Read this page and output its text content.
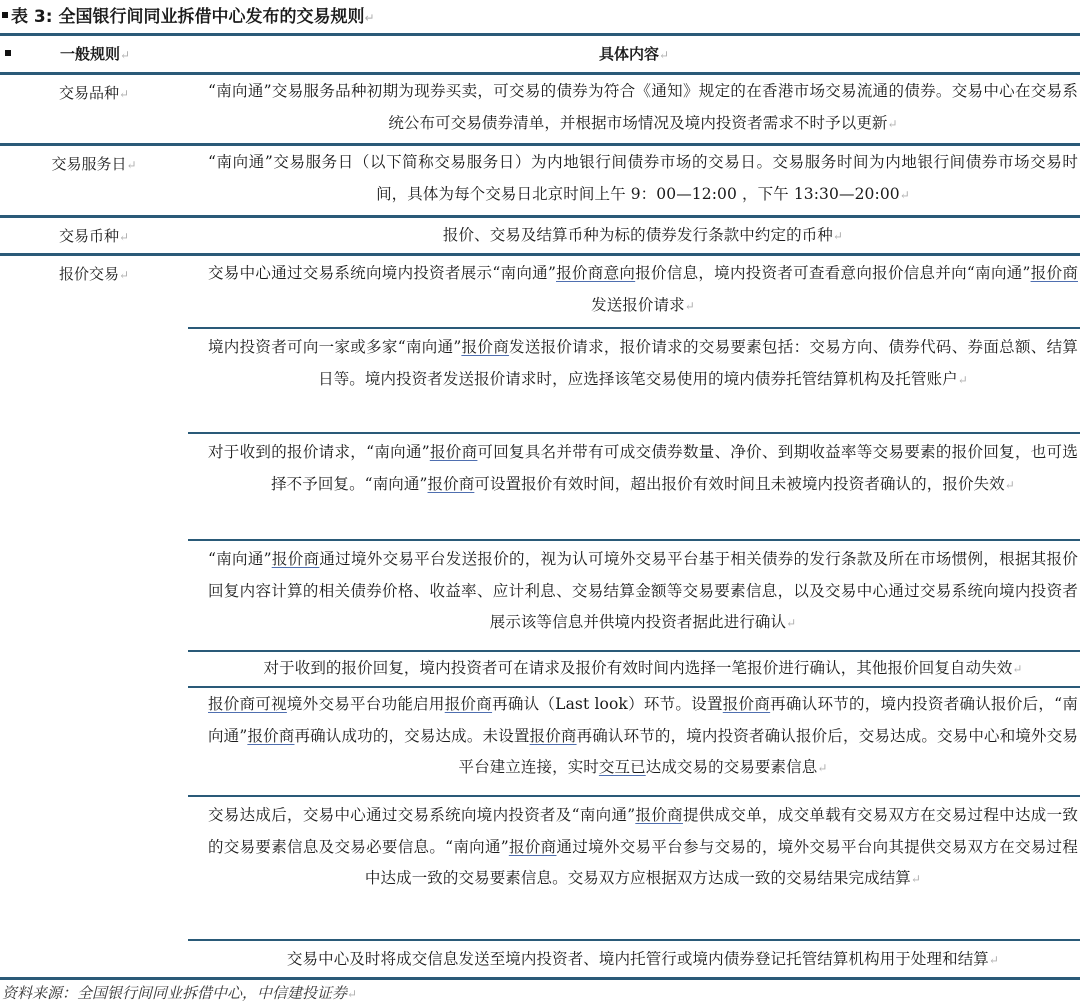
表 3: 全国银行间同业拆借中心发布的交易规则↵
一般规则↵	具体内容↵
交易品种↵	“南向通”交易服务品种初期为现券买卖，可交易的债券为符合《通知》规定的在香港市场交易流通的债券。交易中心在交易系统公布可交易债券清单，并根据市场情况及境内投资者需求不时予以更新↵
交易服务日↵	“南向通”交易服务日（以下简称交易服务日）为内地银行间债券市场的交易日。交易服务时间为内地银行间债券市场交易时间，具体为每个交易日北京时间上午 9：00—12:00 ，下午 13:30—20:00↵
交易币种↵	报价、交易及结算币种为标的债券发行条款中约定的币种↵
报价交易↵	交易中心通过交易系统向境内投资者展示“南向通”报价商意向报价信息，境内投资者可查看意向报价信息并向“南向通”报价商发送报价请求↵
境内投资者可向一家或多家“南向通”报价商发送报价请求，报价请求的交易要素包括：交易方向、债券代码、券面总额、结算日等。境内投资者发送报价请求时，应选择该笔交易使用的境内债券托管结算机构及托管账户↵
对于收到的报价请求，“南向通”报价商可回复具名并带有可成交债券数量、净价、到期收益率等交易要素的报价回复，也可选择不予回复。“南向通”报价商可设置报价有效时间，超出报价有效时间且未被境内投资者确认的，报价失效↵
“南向通”报价商通过境外交易平台发送报价的，视为认可境外交易平台基于相关债券的发行条款及所在市场惯例，根据其报价回复内容计算的相关债券价格、收益率、应计利息、交易结算金额等交易要素信息，以及交易中心通过交易系统向境内投资者展示该等信息并供境内投资者据此进行确认↵
对于收到的报价回复，境内投资者可在请求及报价有效时间内选择一笔报价进行确认，其他报价回复自动失效↵
报价商可视境外交易平台功能启用报价商再确认（Last look）环节。设置报价商再确认环节的，境内投资者确认报价后，“南向通”报价商再确认成功的，交易达成。未设置报价商再确认环节的，境内投资者确认报价后，交易达成。交易中心和境外交易平台建立连接，实时交互已达成交易的交易要素信息↵
交易达成后，交易中心通过交易系统向境内投资者及“南向通”报价商提供成交单，成交单载有交易双方在交易过程中达成一致的交易要素信息及交易必要信息。“南向通”报价商通过境外交易平台参与交易的，境外交易平台向其提供交易双方在交易过程中达成一致的交易要素信息。交易双方应根据双方达成一致的交易结果完成结算↵
交易中心及时将成交信息发送至境内投资者、境内托管行或境内债券登记托管结算机构用于处理和结算↵
资料来源：全国银行间同业拆借中心，中信建投证券↵
